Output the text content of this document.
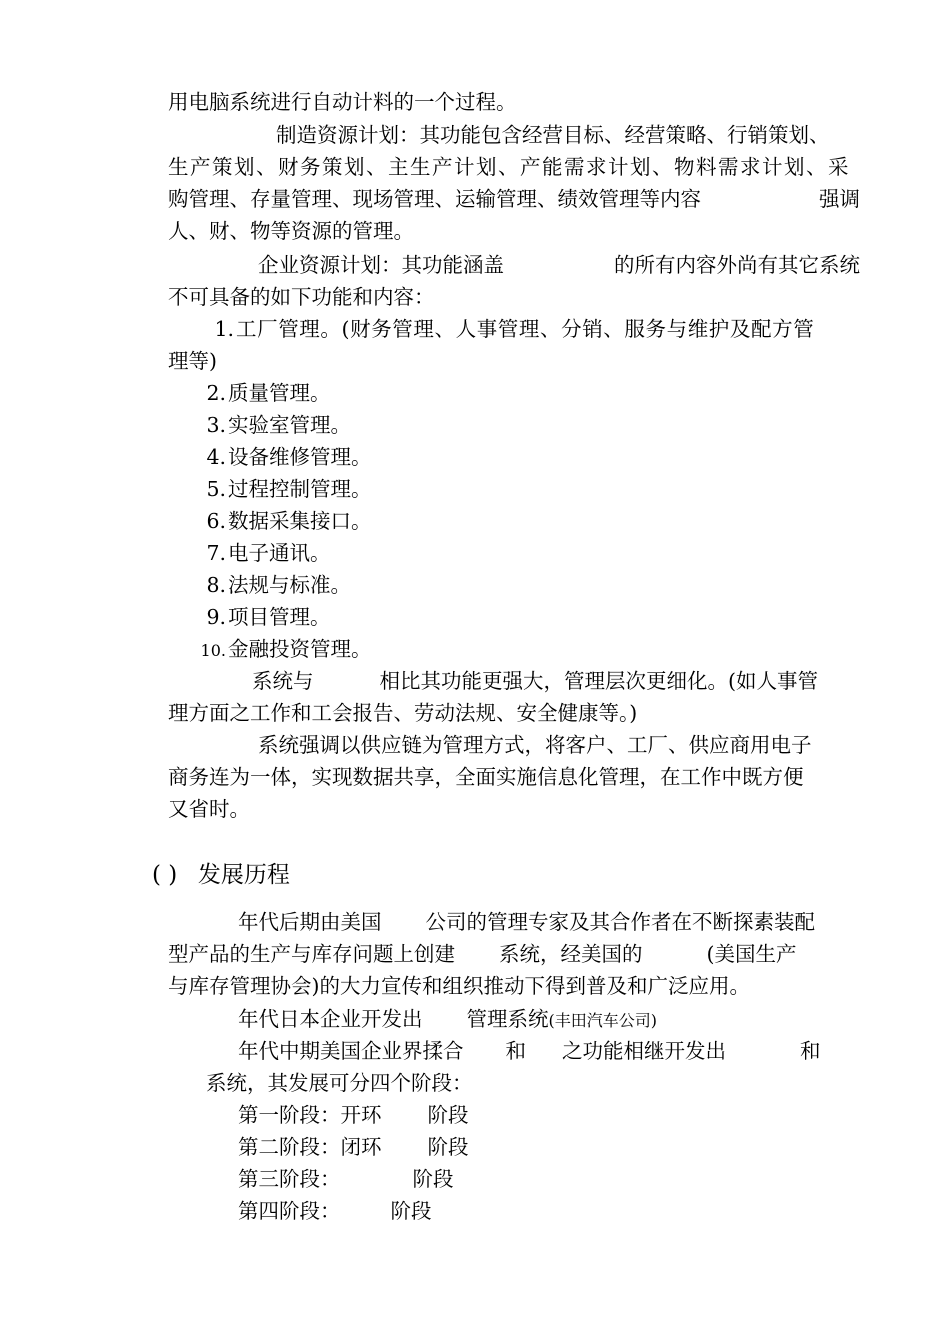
用电脑系统进行自动计料的一个过程。

制造资源计划：其功能包含经营目标、经营策略、行销策划、

生产策划、财务策划、主生产计划、产能需求计划、物料需求计划、采

购管理、存量管理、现场管理、运输管理、绩效管理等内容	强调

人、财、物等资源的管理。

企业资源计划：其功能涵盖	的所有内容外尚有其它系统

不可具备的如下功能和内容：

1.工厂管理。(财务管理、人事管理、分销、服务与维护及配方管

理等)

2.质量管理。

3.实验室管理。

4.设备维修管理。

5.过程控制管理。

6.数据采集接口。

7.电子通讯。

8.法规与标准。

9.项目管理。

10.金融投资管理。

系统与	相比其功能更强大，管理层次更细化。(如人事管

理方面之工作和工会报告、劳动法规、安全健康等。)

系统强调以供应链为管理方式，将客户、工厂、供应商用电子

商务连为一体，实现数据共享，全面实施信息化管理，在工作中既方便

又省时。

( ) 发展历程

年代后期由美国 公司的管理专家及其合作者在不断探素装配

型产品的生产与库存问题上创建 系统，经美国的	(美国生产

与库存管理协会)的大力宣传和组织推动下得到普及和广泛应用。

年代日本企业开发出 管理系统(丰田汽车公司)

年代中期美国企业界揉合 和 之功能相继开发出	和

系统，其发展可分四个阶段：

第一阶段：开环 阶段

第二阶段：闭环 阶段

第三阶段：	阶段

第四阶段： 阶段
